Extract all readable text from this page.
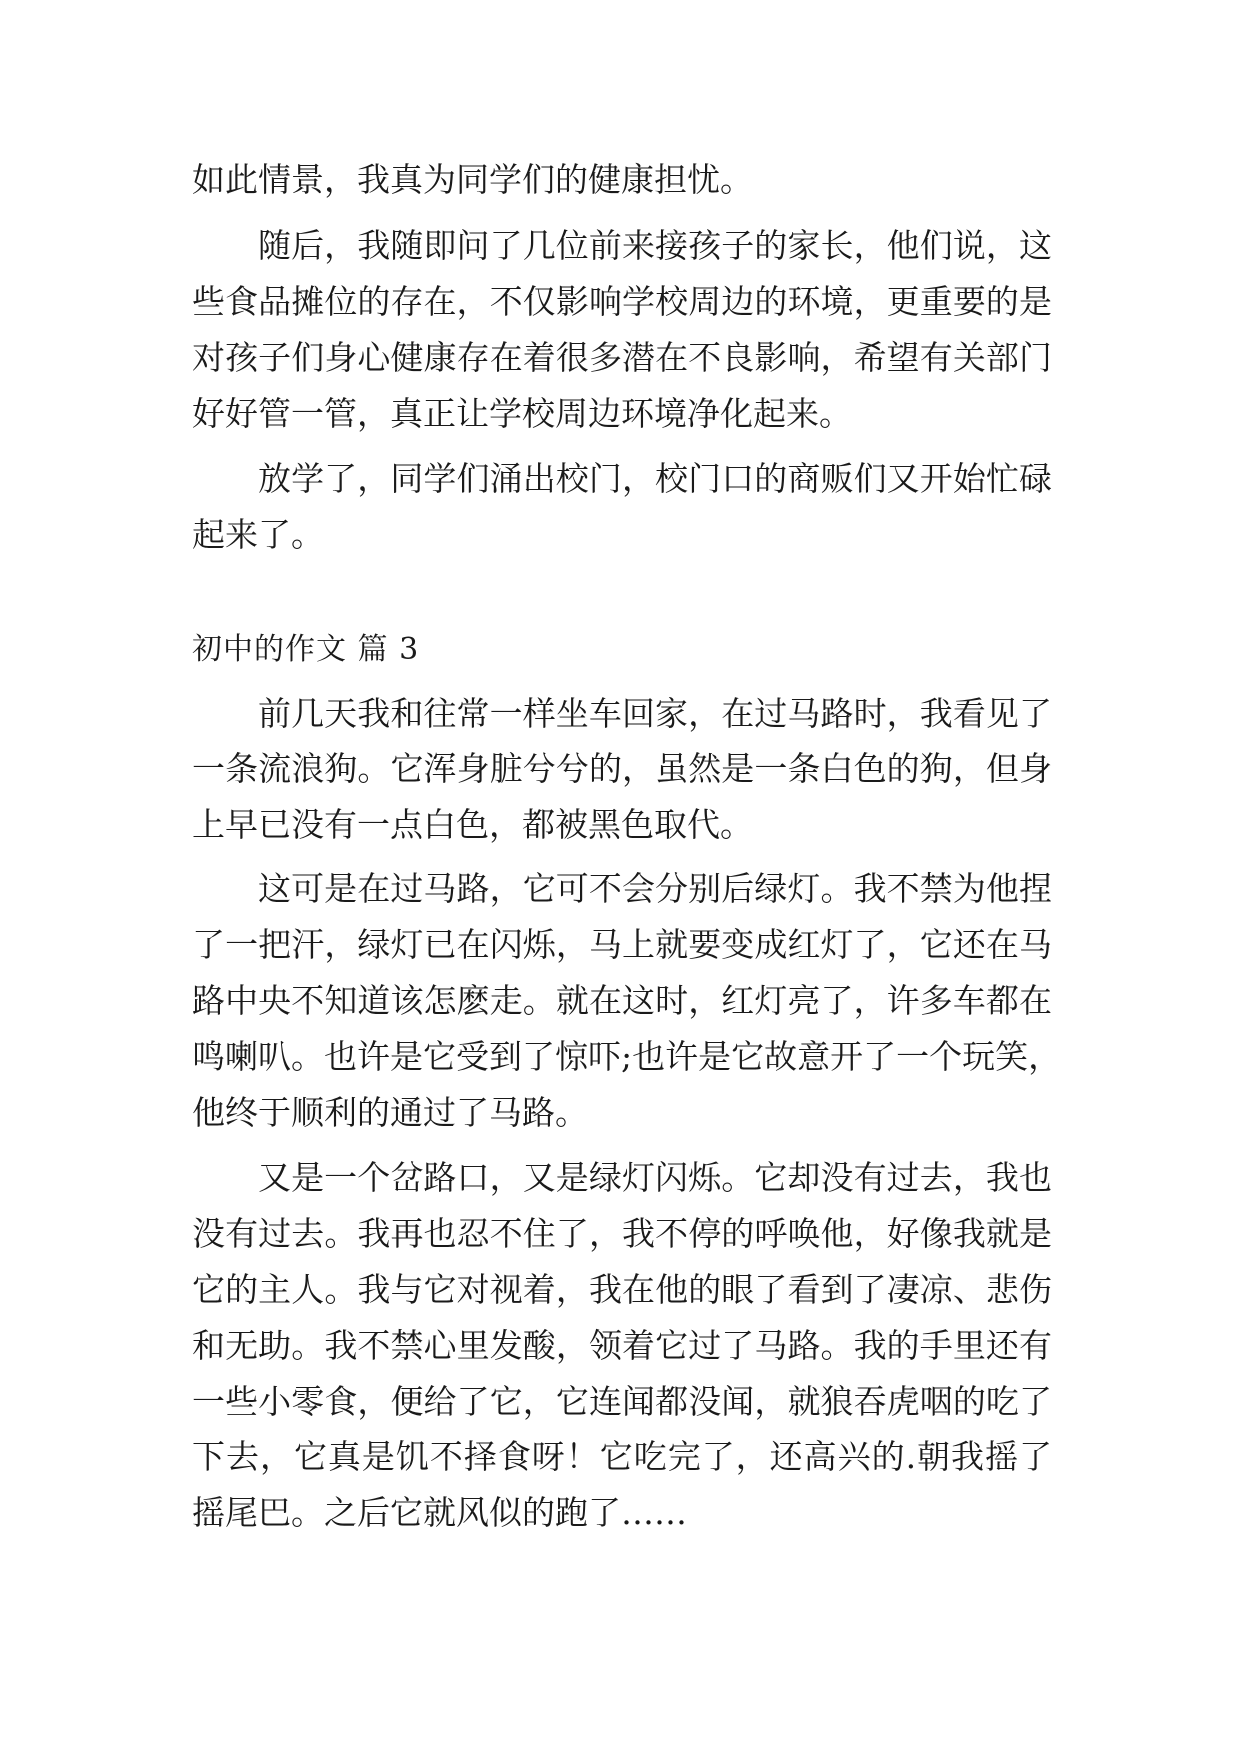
如此情景，我真为同学们的健康担忧。

随后，我随即问了几位前来接孩子的家长，他们说，这

些食品摊位的存在，不仅影响学校周边的环境，更重要的是

对孩子们身心健康存在着很多潜在不良影响，希望有关部门

好好管一管，真正让学校周边环境净化起来。

放学了，同学们涌出校门，校门口的商贩们又开始忙碌

起来了。

初中的作文 篇 3

前几天我和往常一样坐车回家，在过马路时，我看见了

一条流浪狗。它浑身脏兮兮的，虽然是一条白色的狗，但身

上早已没有一点白色，都被黑色取代。

这可是在过马路，它可不会分别后绿灯。我不禁为他捏

了一把汗，绿灯已在闪烁，马上就要变成红灯了，它还在马

路中央不知道该怎麽走。就在这时，红灯亮了，许多车都在

鸣喇叭。也许是它受到了惊吓;也许是它故意开了一个玩笑，

他终于顺利的通过了马路。

又是一个岔路口，又是绿灯闪烁。它却没有过去，我也

没有过去。我再也忍不住了，我不停的呼唤他，好像我就是

它的主人。我与它对视着，我在他的眼了看到了凄凉、悲伤

和无助。我不禁心里发酸，领着它过了马路。我的手里还有

一些小零食，便给了它，它连闻都没闻，就狼吞虎咽的吃了

下去，它真是饥不择食呀！它吃完了，还高兴的.朝我摇了

摇尾巴。之后它就风似的跑了……
